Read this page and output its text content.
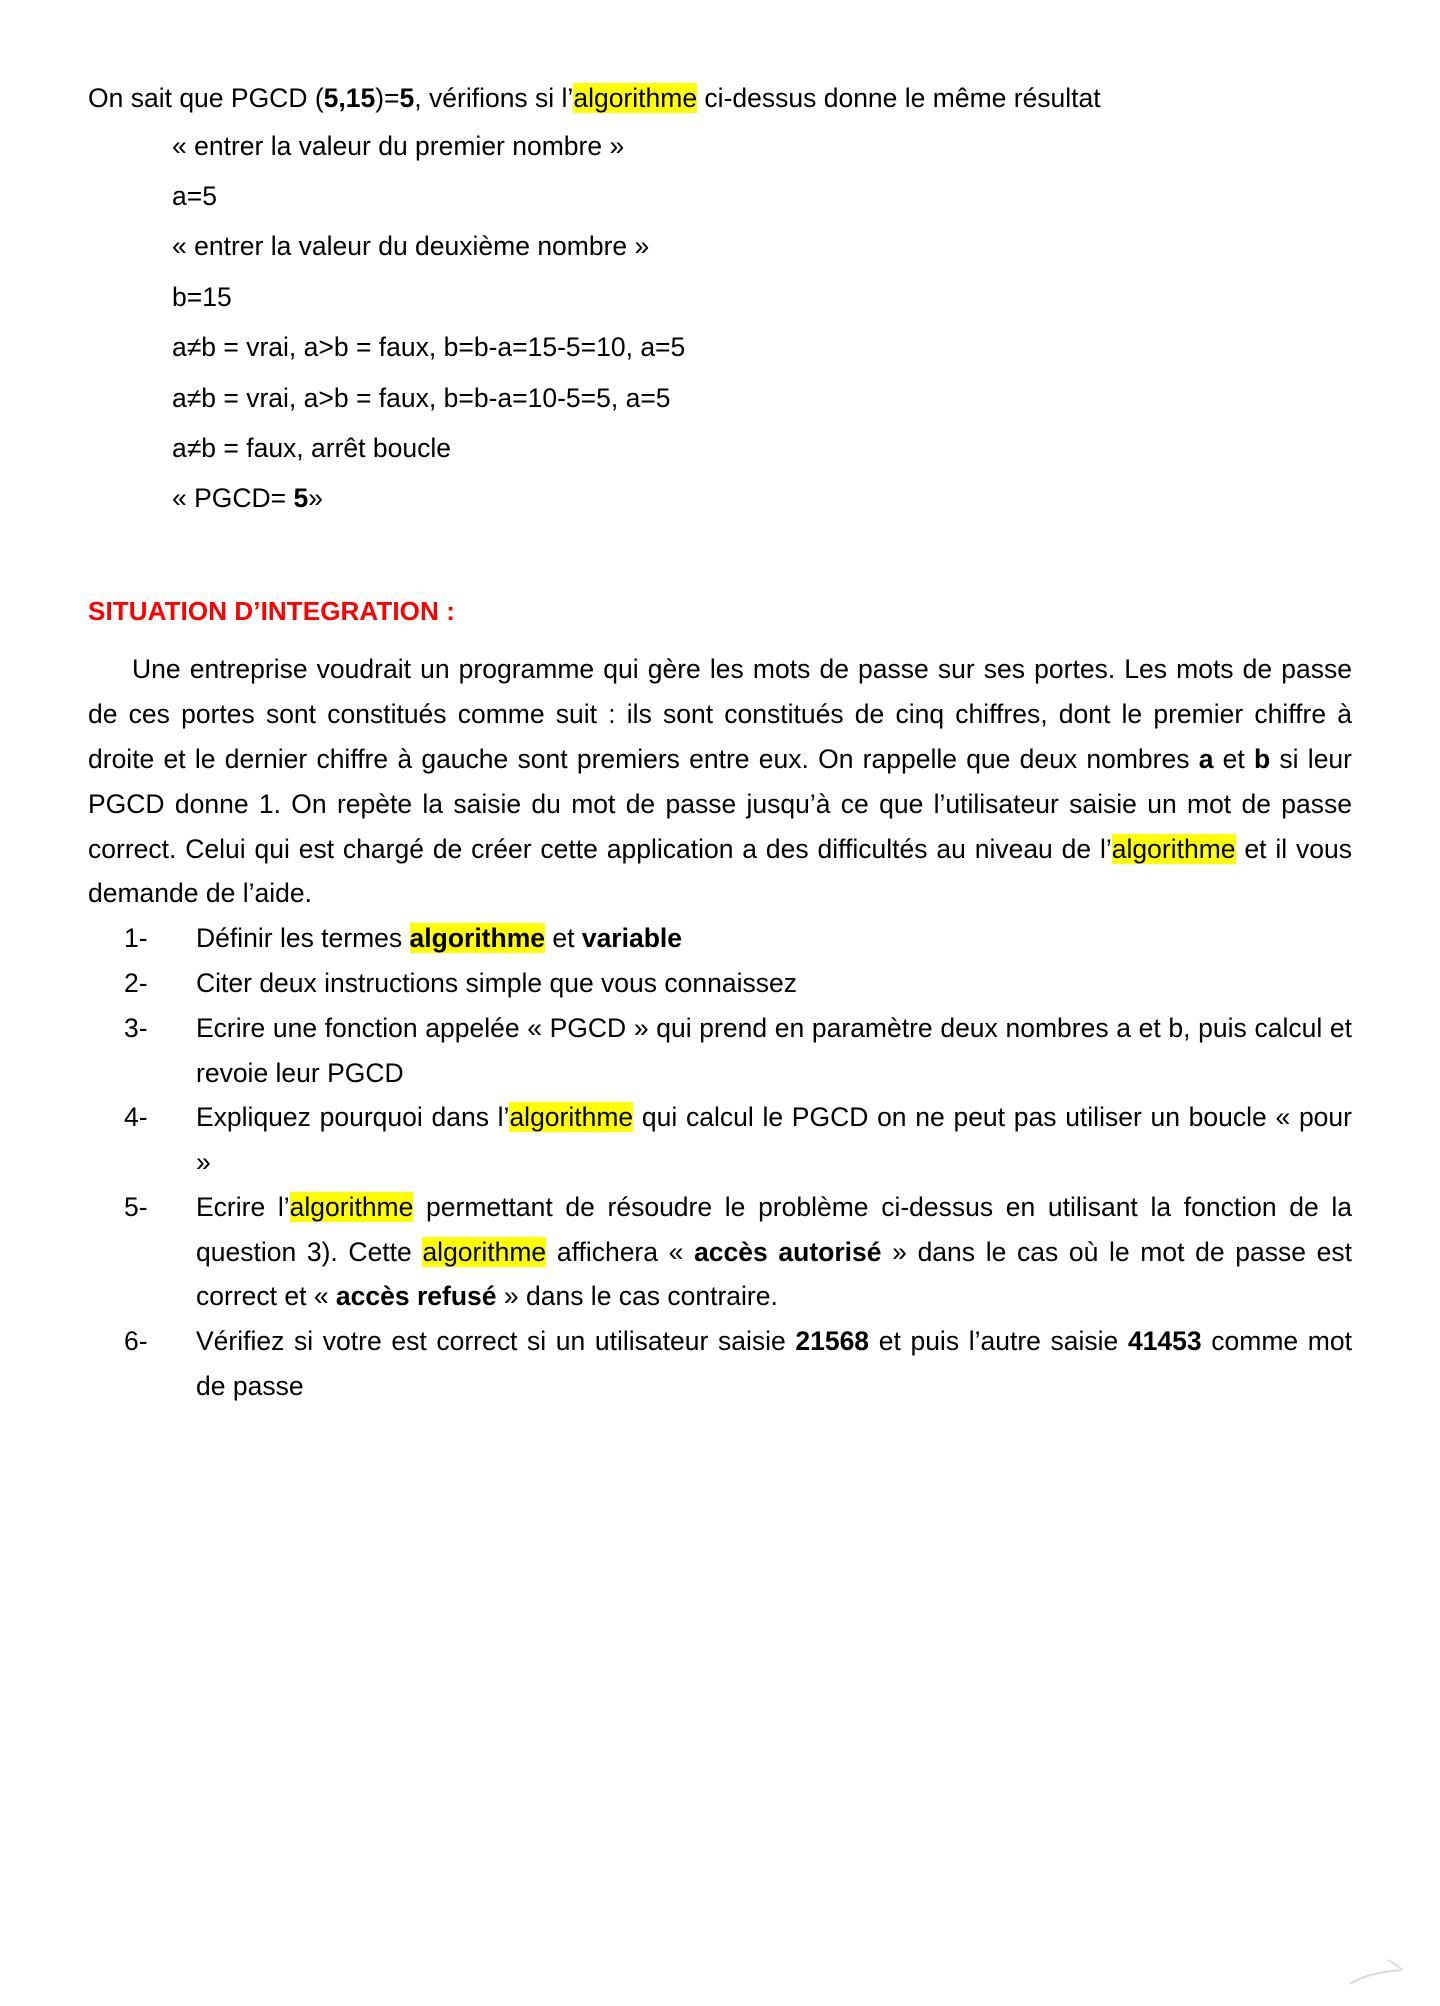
On sait que PGCD (5,15)=5, vérifions si l’algorithme ci-dessus donne le même résultat

« entrer la valeur du premier nombre »
a=5
« entrer la valeur du deuxième nombre »
b=15
a≠b = vrai, a>b = faux, b=b-a=15-5=10, a=5
a≠b = vrai, a>b = faux, b=b-a=10-5=5, a=5
a≠b = faux, arrêt boucle
« PGCD= 5»
SITUATION D’INTEGRATION :

Une entreprise voudrait un programme qui gère les mots de passe sur ses portes. Les mots de passe de ces portes sont constitués comme suit : ils sont constitués de cinq chiffres, dont le premier chiffre à droite et le dernier chiffre à gauche sont premiers entre eux. On rappelle que deux nombres a et b si leur PGCD donne 1. On repète la saisie du mot de passe jusqu’à ce que l’utilisateur saisie un mot de passe correct. Celui qui est chargé de créer cette application a des difficultés au niveau de l’algorithme et il vous demande de l’aide.

1-	Définir les termes algorithme et variable
2-	Citer deux instructions simple que vous connaissez
3-	Ecrire une fonction appelée « PGCD » qui prend en paramètre deux nombres a et b, puis calcul et revoie leur PGCD
4-	Expliquez pourquoi dans l’algorithme qui calcul le PGCD on ne peut pas utiliser un boucle « pour »
5-	Ecrire l’algorithme permettant de résoudre le problème ci-dessus en utilisant la fonction de la question 3). Cette algorithme affichera « accès autorisé » dans le cas où le mot de passe est correct et « accès refusé » dans le cas contraire.
6-	Vérifiez si votre est correct si un utilisateur saisie 21568 et puis l’autre saisie 41453 comme mot de passe
